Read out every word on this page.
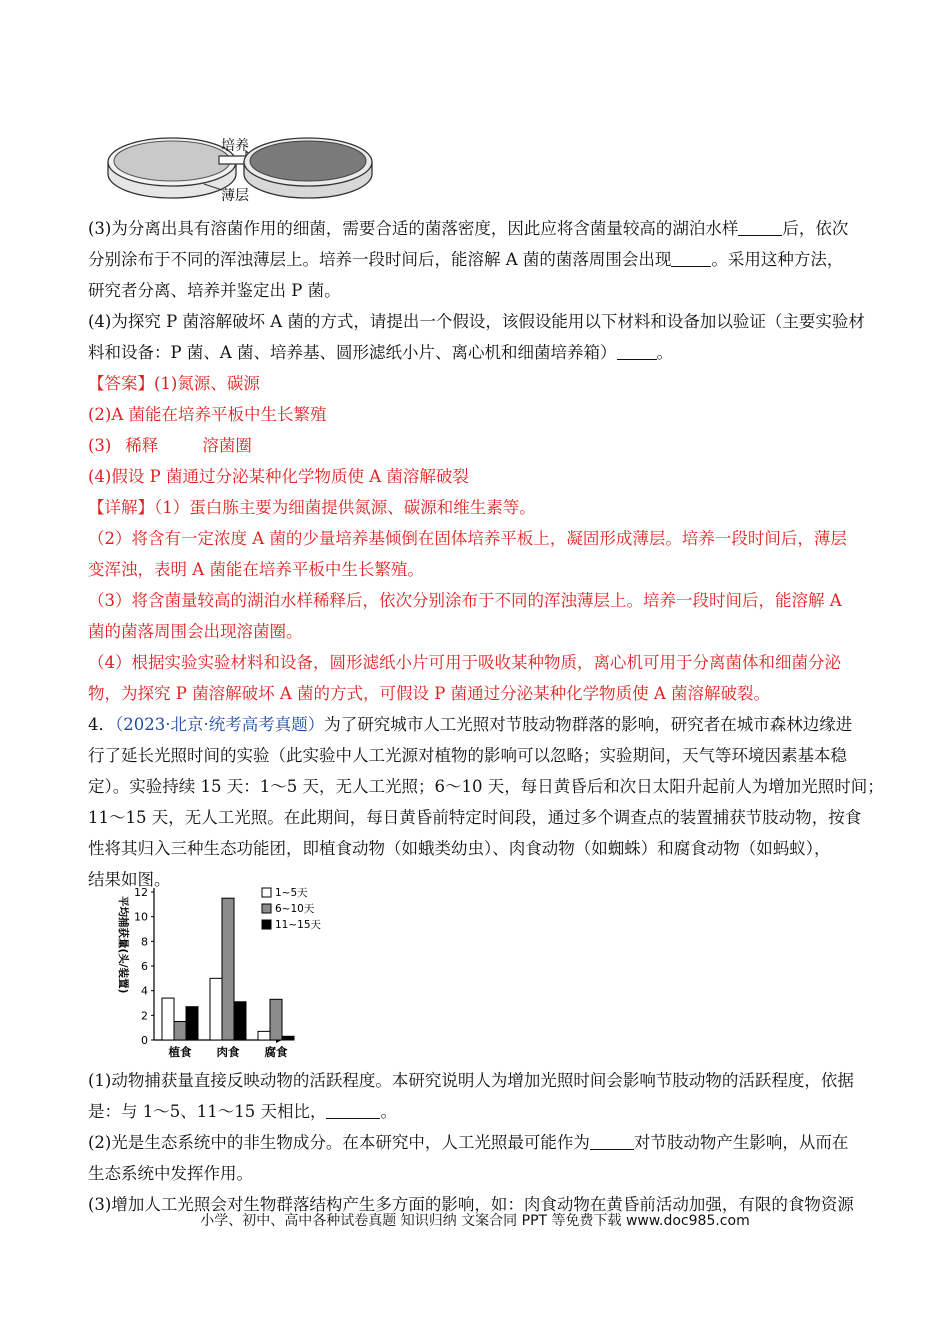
培养
薄层
(3)为分离出具有溶菌作用的细菌，需要合适的菌落密度，因此应将含菌量较高的湖泊水样	后，依次
分别涂布于不同的浑浊薄层上。培养一段时间后，能溶解 A 菌的菌落周围会出现 。采用这种方法，
研究者分离、培养并鉴定出 P 菌。
(4)为探究 P 菌溶解破坏 A 菌的方式，请提出一个假设，该假设能用以下材料和设备加以验证（主要实验材
料和设备：P 菌、A 菌、培养基、圆形滤纸小片、离心机和细菌培养箱） 。
【答案】(1)氮源、碳源
(2)A 菌能在培养平板中生长繁殖
(3) 稀释	溶菌圈
(4)假设 P 菌通过分泌某种化学物质使 A 菌溶解破裂
【详解】（1）蛋白胨主要为细菌提供氮源、碳源和维生素等。
（2）将含有一定浓度 A 菌的少量培养基倾倒在固体培养平板上，凝固形成薄层。培养一段时间后，薄层
变浑浊，表明 A 菌能在培养平板中生长繁殖。
（3）将含菌量较高的湖泊水样稀释后，依次分别涂布于不同的浑浊薄层上。培养一段时间后，能溶解 A
菌的菌落周围会出现溶菌圈。
（4）根据实验实验材料和设备，圆形滤纸小片可用于吸收某种物质，离心机可用于分离菌体和细菌分泌
物，为探究 P 菌溶解破坏 A 菌的方式，可假设 P 菌通过分泌某种化学物质使 A 菌溶解破裂。
4．（2023·北京·统考高考真题）为了研究城市人工光照对节肢动物群落的影响，研究者在城市森林边缘进
行了延长光照时间的实验（此实验中人工光源对植物的影响可以忽略；实验期间，天气等环境因素基本稳
定）。实验持续 15 天：1～5 天，无人工光照；6～10 天，每日黄昏后和次日太阳升起前人为增加光照时间；
11～15 天，无人工光照。在此期间，每日黄昏前特定时间段，通过多个调查点的装置捕获节肢动物，按食
性将其归入三种生态功能团，即植食动物（如蛾类幼虫）、肉食动物（如蜘蛛）和腐食动物（如蚂蚁），
结果如图。
0
2
4
6
8
10
12
平均捕获量(头/装置)
植食 肉食 腐食
1~5天
6~10天
11~15天
(1)动物捕获量直接反映动物的活跃程度。本研究说明人为增加光照时间会影响节肢动物的活跃程度，依据
是：与 1～5、11～15 天相比，	。
(2)光是生态系统中的非生物成分。在本研究中，人工光照最可能作为	对节肢动物产生影响，从而在
生态系统中发挥作用。
(3)增加人工光照会对生物群落结构产生多方面的影响，如：肉食动物在黄昏前活动加强，有限的食物资源
小学、初中、高中各种试卷真题 知识归纳 文案合同 PPT 等免费下载 www.doc985.com
